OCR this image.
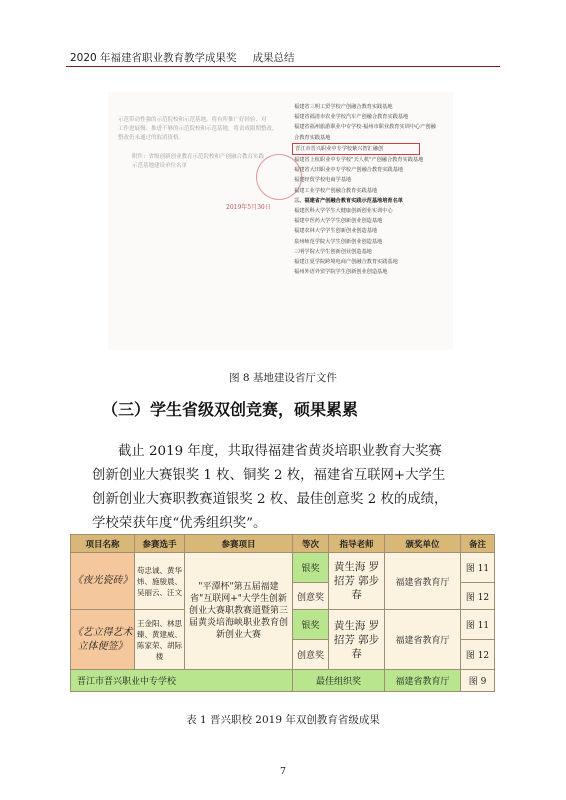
2020 年福建省职业教育教学成果奖 成果总结
示范带动性强的示范院校和示范基地。将有所推广好经验、对
工作进展慢、推进不够的示范院校和示范基地，将责成限期整改，
整改仍未通过的取消资格。
附件：省级创新创业教育示范院校和产创融合教育实践
示范基地建设单位名单
2019年5月30日
福建省三明工贸学校产创融合教育实践基地
福建省福清市农业学校汽车产创融合教育实践基地
福建省福州旅游职业中专学校·福州市职业教育实训中心产创融
合教育实践基地
晋江市晋兴职业中专学校紫兴智汇融创
福建省上杭职业中专学校"天人机"产创融合教育实践基地
福建省大田职业中专学校产创融合教育实践基地
福建经贸学校电商学基地
福建工业学校产创融合教育实践基地
三、福建省产创融合教育实践示范基地培育名单
福建医科大学学生大健康创新创业实训中心
福建中医药大学学生创新创业创造基地
福建农林大学学生创新创业创造基地
泉州师范学院大学生创新创业创造基地
三明学院大学生创新创业创造基地
福建江夏学院跨境电商产创融合教育实践基地
福州外语外贸学院学生创新创业创造基地
图 8 基地建设省厅文件
（三）学生省级双创竞赛，硕果累累
截止 2019 年度，共取得福建省黄炎培职业教育大奖赛
创新创业大赛银奖 1 枚、铜奖 2 枚，福建省互联网+大学生
创新创业大赛职教赛道银奖 2 枚、最佳创意奖 2 枚的成绩，
学校荣获年度“优秀组织奖”。
项目名称	参赛选手	参赛项目	等次	指导老师	颁奖单位	备注
《夜光瓷砖》	苟忠诚、黄华炜、施骏晨、吴丽云、汪文	"平潭杯"第五届福建省"互联网+"大学生创新创业大赛职教赛道暨第三届黄炎培海峡职业教育创新创业大赛	银奖	黄生海 罗招芳 郭步春	福建省教育厅	图 11
			创意奖			图 12
《艺立得艺术立体便签》	王金阳、林思臻、黄建威、陈家荣、胡际楼		银奖	黄生海 罗招芳 郭步春	福建省教育厅	图 11
			创意奖			图 12
晋江市晋兴职业中专学校			最佳组织奖		福建省教育厅	图 9
表 1 晋兴职校 2019 年双创教育省级成果
7
